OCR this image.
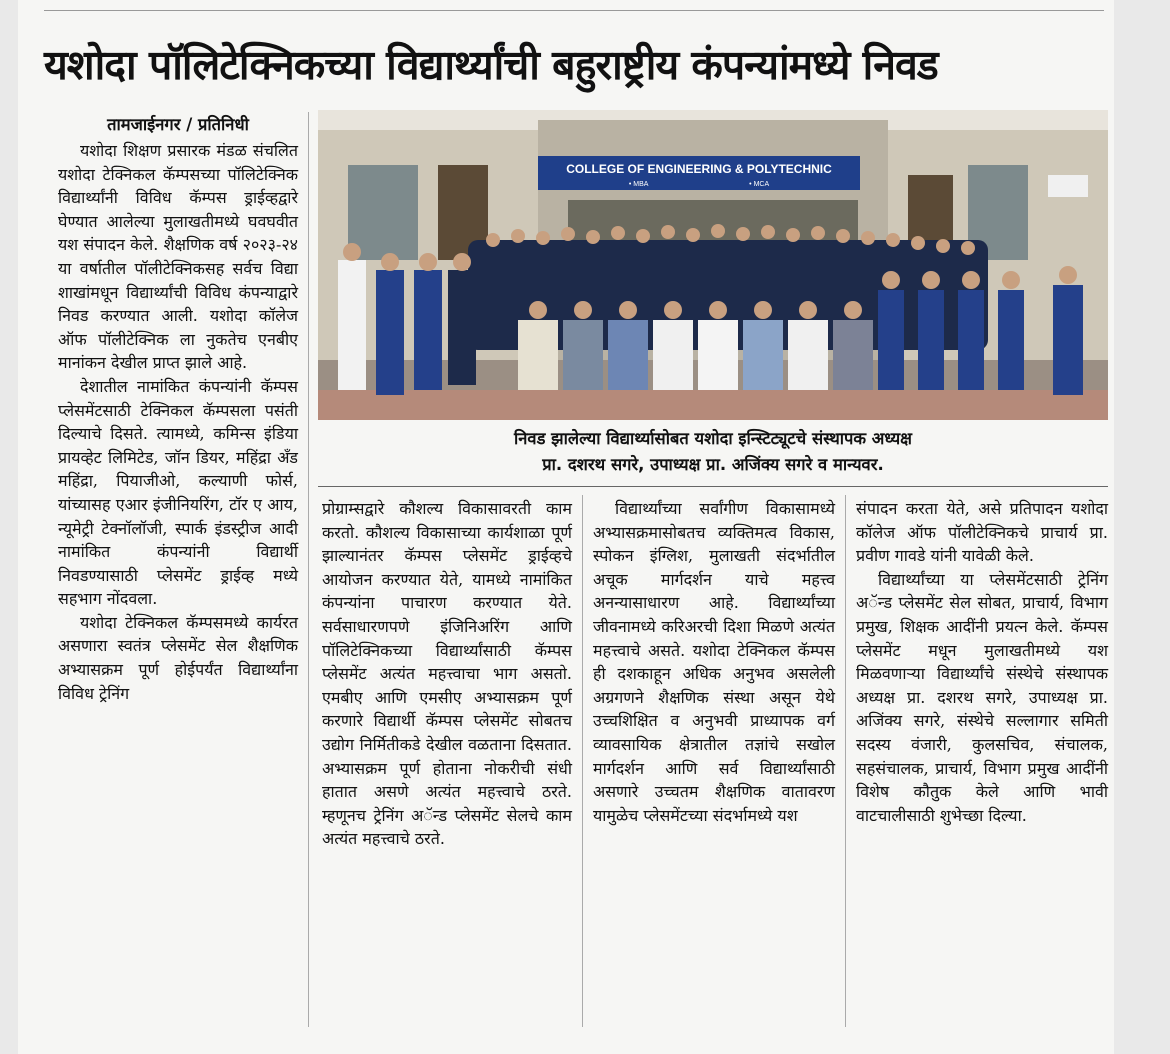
यशोदा पॉलिटेक्निकच्या विद्यार्थ्यांची बहुराष्ट्रीय कंपन्यांमध्ये निवड
तामजाईनगर / प्रतिनिधी

यशोदा शिक्षण प्रसारक मंडळ संचलित यशोदा टेक्निकल कॅम्पसच्या पॉलिटेक्निक विद्यार्थ्यांनी विविध कॅम्पस ड्राईव्हद्वारे घेण्यात आलेल्या मुलाखतीमध्ये घवघवीत यश संपादन केले. शैक्षणिक वर्ष २०२३-२४ या वर्षातील पॉलीटेक्निकसह सर्वच विद्या शाखांमधून विद्यार्थ्यांची विविध कंपन्याद्वारे निवड करण्यात आली. यशोदा कॉलेज ऑफ पॉलीटेक्निक ला नुकतेच एनबीए मानांकन देखील प्राप्त झाले आहे.

देशातील नामांकित कंपन्यांनी कॅम्पस प्लेसमेंटसाठी टेक्निकल कॅम्पसला पसंती दिल्याचे दिसते. त्यामध्ये, कमिन्स इंडिया प्रायव्हेट लिमिटेड, जॉन डियर, महिंद्रा अँड महिंद्रा, पियाजीओ, कल्याणी फोर्स, यांच्यासह एआर इंजीनियरिंग, टॉर ए आय, न्यूमेट्री टेक्नॉलॉजी, स्पार्क इंडस्ट्रीज आदी नामांकित कंपन्यांनी विद्यार्थी निवडण्यासाठी प्लेसमेंट ड्राईव्ह मध्ये सहभाग नोंदवला.

यशोदा टेक्निकल कॅम्पसमध्ये कार्यरत असणारा स्वतंत्र प्लेसमेंट सेल शैक्षणिक अभ्यासक्रम पूर्ण होईपर्यंत विद्यार्थ्यांना विविध ट्रेनिंग

COLLEGE OF ENGINEERING & POLYTECHNIC
• MBA                                                    • MCA
निवड झालेल्या विद्यार्थ्यासोबत यशोदा इन्स्टिट्यूटचे संस्थापक अध्यक्ष
प्रा. दशरथ सगरे, उपाध्यक्ष प्रा. अजिंक्य सगरे व मान्यवर.

प्रोग्राम्सद्वारे कौशल्य विकासावरती काम करतो. कौशल्य विकासाच्या कार्यशाळा पूर्ण झाल्यानंतर कॅम्पस प्लेसमेंट ड्राईव्हचे आयोजन करण्यात येते, यामध्ये नामांकित कंपन्यांना पाचारण करण्यात येते. सर्वसाधारणपणे इंजिनिअरिंग आणि पॉलिटेक्निकच्या विद्यार्थ्यांसाठी कॅम्पस प्लेसमेंट अत्यंत महत्त्वाचा भाग असतो. एमबीए आणि एमसीए अभ्यासक्रम पूर्ण करणारे विद्यार्थी कॅम्पस प्लेसमेंट सोबतच उद्योग निर्मितीकडे देखील वळताना दिसतात. अभ्यासक्रम पूर्ण होताना नोकरीची संधी हातात असणे अत्यंत महत्त्वाचे ठरते. म्हणूनच ट्रेनिंग अॅन्ड प्लेसमेंट सेलचे काम अत्यंत महत्त्वाचे ठरते.

विद्यार्थ्यांच्या सर्वांगीण विकासामध्ये अभ्यासक्रमासोबतच व्यक्तिमत्व विकास, स्पोकन इंग्लिश, मुलाखती संदर्भातील अचूक मार्गदर्शन याचे महत्त्व अनन्यासाधारण आहे. विद्यार्थ्यांच्या जीवनामध्ये करिअरची दिशा मिळणे अत्यंत महत्त्वाचे असते. यशोदा टेक्निकल कॅम्पस ही दशकाहून अधिक अनुभव असलेली अग्रगणने शैक्षणिक संस्था असून येथे उच्चशिक्षित व अनुभवी प्राध्यापक वर्ग व्यावसायिक क्षेत्रातील तज्ञांचे सखोल मार्गदर्शन आणि सर्व विद्यार्थ्यांसाठी असणारे उच्चतम शैक्षणिक वातावरण यामुळेच प्लेसमेंटच्या संदर्भामध्ये यश

संपादन करता येते, असे प्रतिपादन यशोदा कॉलेज ऑफ पॉलीटेक्निकचे प्राचार्य प्रा. प्रवीण गावडे यांनी यावेळी केले.

विद्यार्थ्यांच्या या प्लेसमेंटसाठी ट्रेनिंग अॅन्ड प्लेसमेंट सेल सोबत, प्राचार्य, विभाग प्रमुख, शिक्षक आदींनी प्रयत्न केले. कॅम्पस प्लेसमेंट मधून मुलाखतीमध्ये यश मिळवणाऱ्या विद्यार्थ्यांचे संस्थेचे संस्थापक अध्यक्ष प्रा. दशरथ सगरे, उपाध्यक्ष प्रा. अजिंक्य सगरे, संस्थेचे सल्लागार समिती सदस्य वंजारी, कुलसचिव, संचालक, सहसंचालक, प्राचार्य, विभाग प्रमुख आदींनी विशेष कौतुक केले आणि भावी वाटचालीसाठी शुभेच्छा दिल्या.
